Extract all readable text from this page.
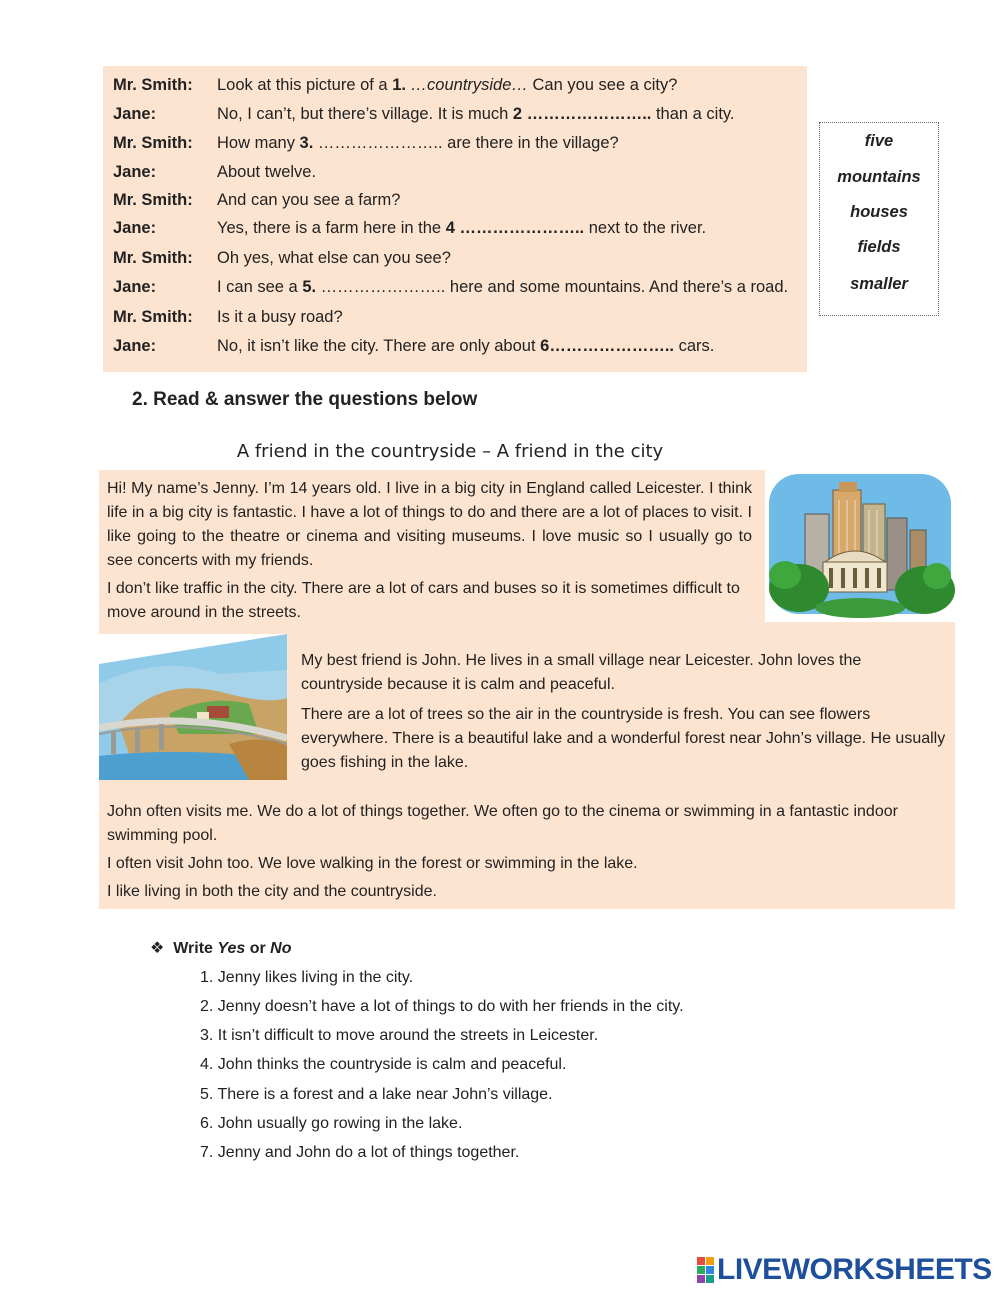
Mr. Smith:	Look at this picture of a 1. …countryside… Can you see a city?
Jane:	No, I can’t, but there’s village. It is much 2 ………………….. than a city.
Mr. Smith:	How many 3. ………………….. are there in the village?
Jane:	About twelve.
Mr. Smith:	And can you see a farm?
Jane:	Yes, there is a farm here in the 4 ………………….. next to the river.
Mr. Smith:	Oh yes, what else can you see?
Jane:	I can see a 5. ………………….. here and some mountains. And there’s a road.
Mr. Smith:	Is it a busy road?
Jane:	No, it isn’t like the city. There are only about 6………………….. cars.
five
mountains
houses
fields
smaller
2. Read & answer the questions below
A friend in the countryside – A friend in the city
Hi! My name’s Jenny. I’m 14 years old. I live in a big city in England called Leicester. I think life in a big city is fantastic. I have a lot of things to do and there are a lot of places to visit. I like going to the theatre or cinema and visiting museums. I love music so I usually go to see concerts with my friends.
I don’t like traffic in the city. There are a lot of cars and buses so it is sometimes difficult to move around in the streets.
My best friend is John. He lives in a small village near Leicester. John loves the countryside because it is calm and peaceful.
There are a lot of trees so the air in the countryside is fresh. You can see flowers everywhere. There is a beautiful lake and a wonderful forest near John’s village. He usually goes fishing in the lake.
John often visits me. We do a lot of things together. We often go to the cinema or swimming in a fantastic indoor swimming pool.
I often visit John too. We love walking in the forest or swimming in the lake.
I like living in both the city and the countryside.
❖ Write Yes or No
1. Jenny likes living in the city.
2. Jenny doesn’t have a lot of things to do with her friends in the city.
3. It isn’t difficult to move around the streets in Leicester.
4. John thinks the countryside is calm and peaceful.
5. There is a forest and a lake near John’s village.
6. John usually go rowing in the lake.
7. Jenny and John do a lot of things together.
LIVEWORKSHEETS
